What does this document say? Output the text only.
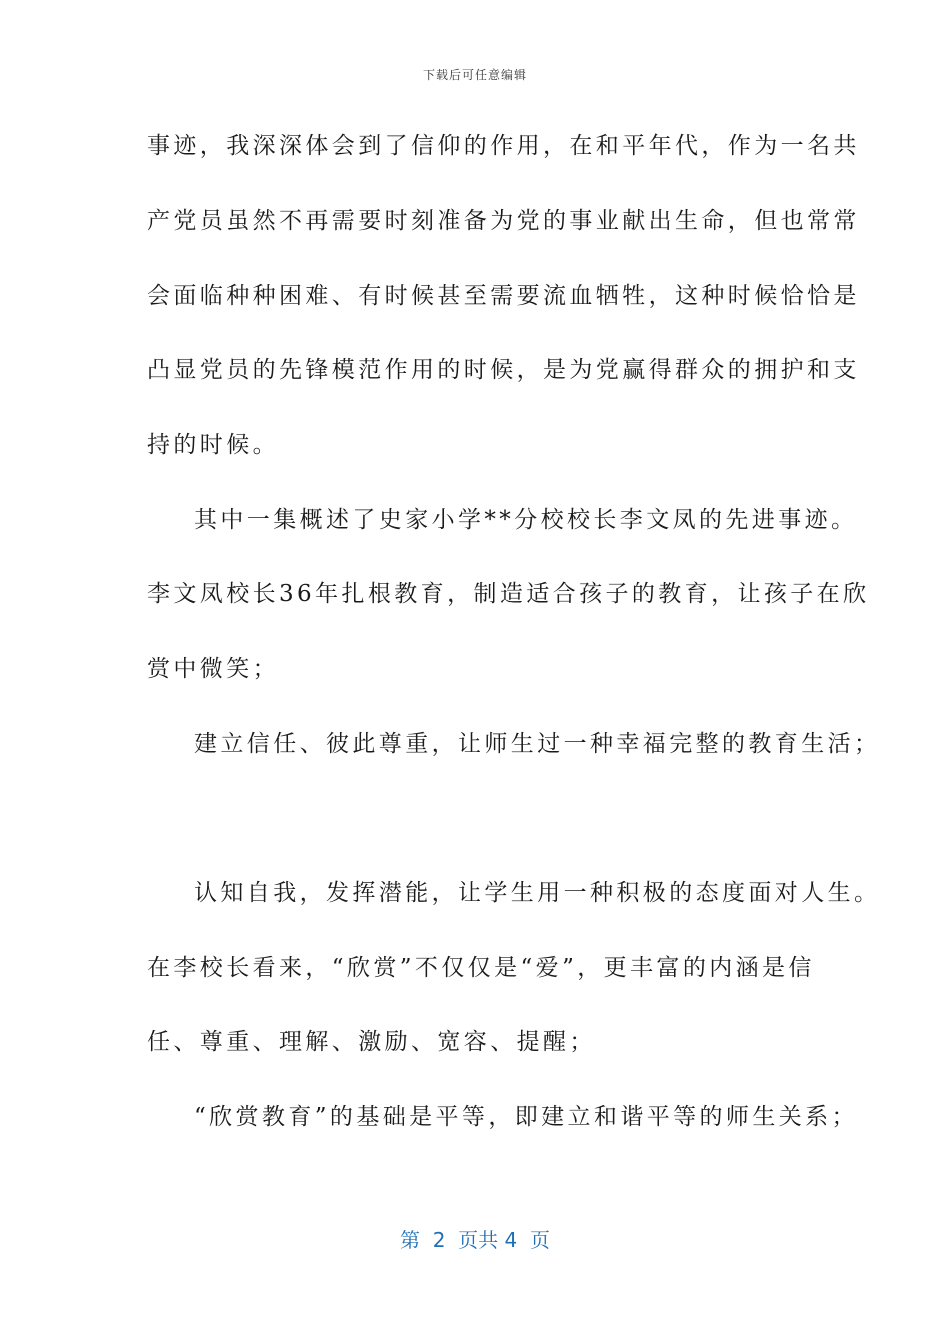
下载后可任意编辑
事迹，我深深体会到了信仰的作用，在和平年代，作为一名共
产党员虽然不再需要时刻准备为党的事业献出生命，但也常常
会面临种种困难、有时候甚至需要流血牺牲，这种时候恰恰是
凸显党员的先锋模范作用的时候，是为党赢得群众的拥护和支
持的时候。
其中一集概述了史家小学**分校校长李文凤的先进事迹。
李文凤校长36年扎根教育，制造适合孩子的教育，让孩子在欣
赏中微笑；
建立信任、彼此尊重，让师生过一种幸福完整的教育生活；
认知自我，发挥潜能，让学生用一种积极的态度面对人生。
在李校长看来，“欣赏”不仅仅是“爱”，更丰富的内涵是信
任、尊重、理解、激励、宽容、提醒；
“欣赏教育”的基础是平等，即建立和谐平等的师生关系；
第  2  页共 4  页
